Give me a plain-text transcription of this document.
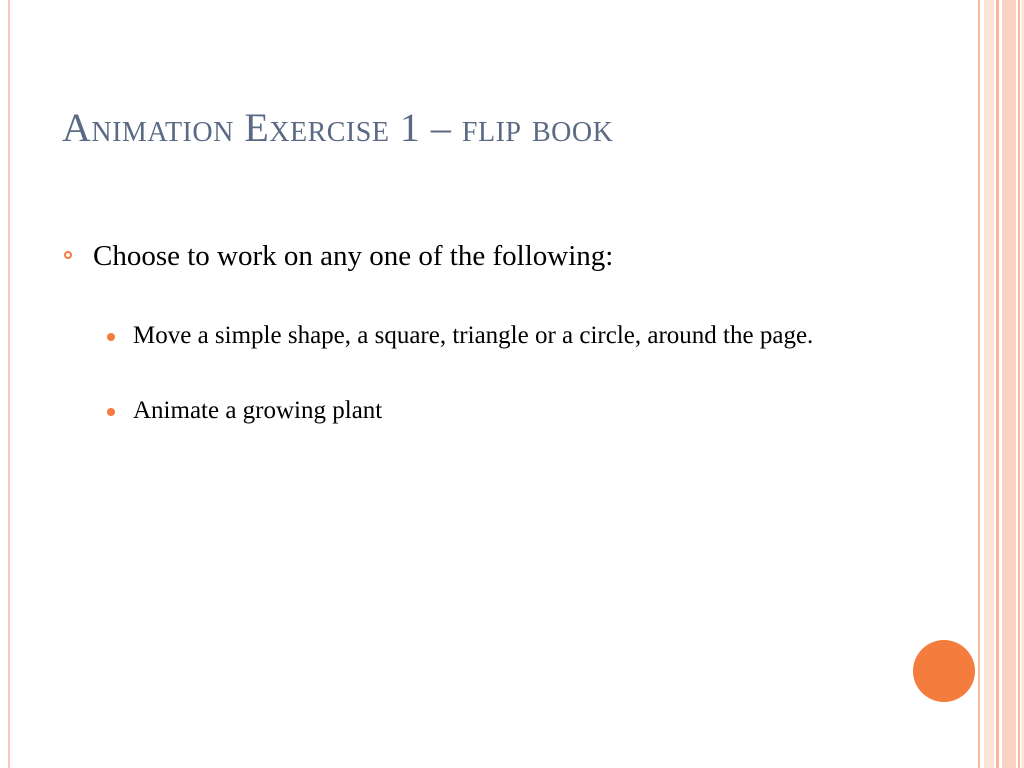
Animation Exercise 1 – flip book
Choose to work on any one of the following:
Move a simple shape, a square, triangle or a circle, around the page.
Animate a growing plant
